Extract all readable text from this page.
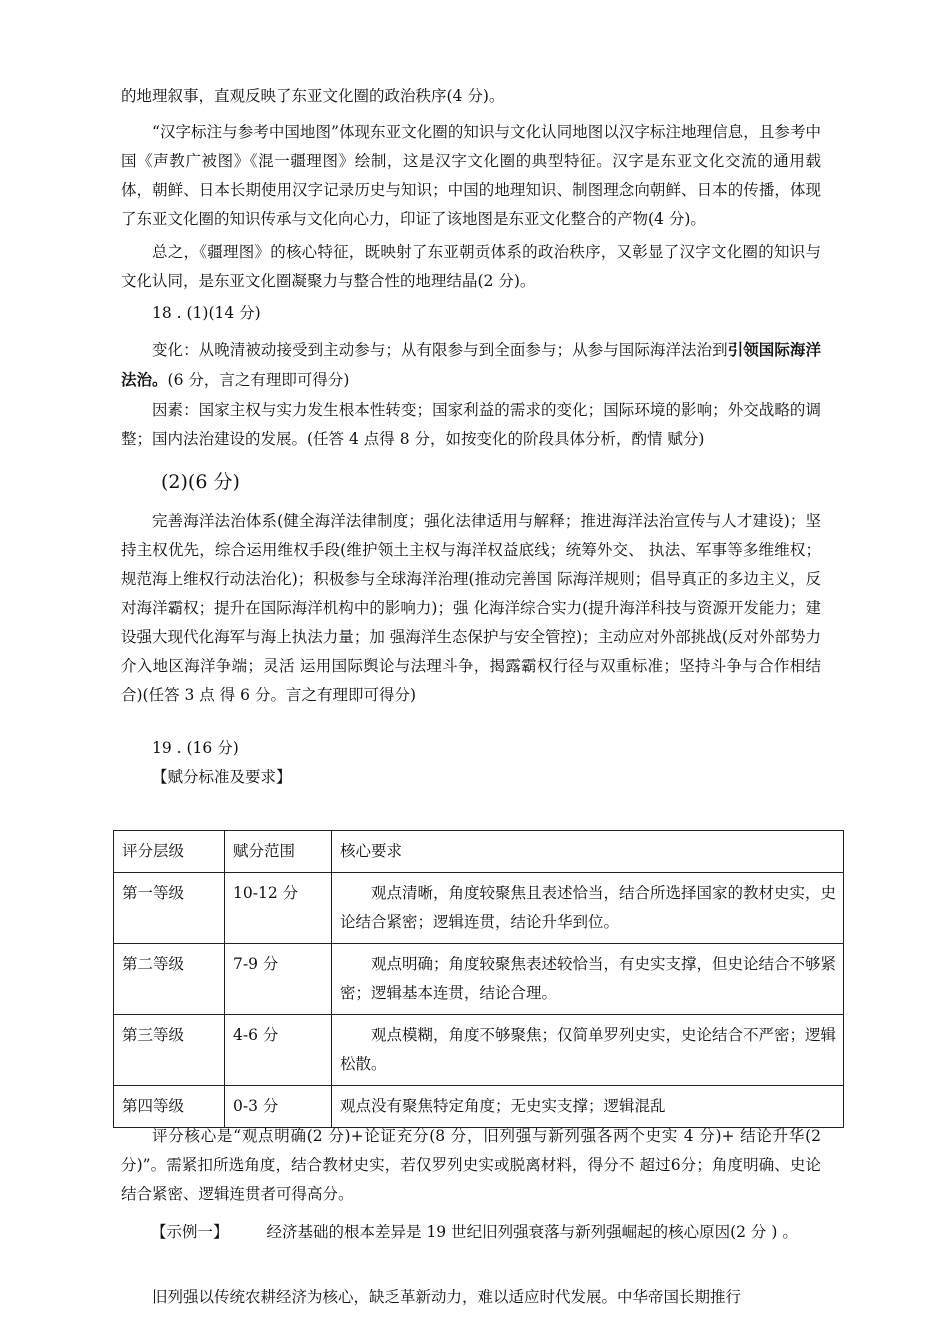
的地理叙事，直观反映了东亚文化圈的政治秩序(4 分)。
“汉字标注与参考中国地图”体现东亚文化圈的知识与文化认同地图以汉字标注地理信息，且参考中国《声教广被图》《混一疆理图》绘制，这是汉字文化圈的典型特征。汉字是东亚文化交流的通用载体，朝鲜、日本长期使用汉字记录历史与知识；中国的地理知识、制图理念向朝鲜、日本的传播，体现了东亚文化圈的知识传承与文化向心力，印证了该地图是东亚文化整合的产物(4 分)。
总之，《疆理图》的核心特征，既映射了东亚朝贡体系的政治秩序，又彰显了汉字文化圈的知识与文化认同，是东亚文化圈凝聚力与整合性的地理结晶(2 分)。
18 . (1)(14 分)
变化：从晚清被动接受到主动参与；从有限参与到全面参与；从参与国际海洋法治到引领国际海洋法治。(6 分，言之有理即可得分)
因素：国家主权与实力发生根本性转变；国家利益的需求的变化；国际环境的影响；外交战略的调整；国内法治建设的发展。(任答 4 点得 8 分，如按变化的阶段具体分析，酌情 赋分)
(2)(6 分)
完善海洋法治体系(健全海洋法律制度；强化法律适用与解释；推进海洋法治宣传与人才建设)；坚持主权优先，综合运用维权手段(维护领土主权与海洋权益底线；统筹外交、 执法、军事等多维维权；规范海上维权行动法治化)；积极参与全球海洋治理(推动完善国 际海洋规则；倡导真正的多边主义，反对海洋霸权；提升在国际海洋机构中的影响力)；强 化海洋综合实力(提升海洋科技与资源开发能力；建设强大现代化海军与海上执法力量；加 强海洋生态保护与安全管控)；主动应对外部挑战(反对外部势力介入地区海洋争端；灵活 运用国际舆论与法理斗争，揭露霸权行径与双重标准；坚持斗争与合作相结合)(任答 3 点 得 6 分。言之有理即可得分)
19 . (16 分)
【赋分标准及要求】
评分层级	赋分范围	核心要求
第一等级	10-12 分	观点清晰，角度较聚焦且表述恰当，结合所选择国家的教材史实，史论结合紧密；逻辑连贯，结论升华到位。

第二等级	7-9 分	观点明确；角度较聚焦表述较恰当，有史实支撑，但史论结合不够紧密；逻辑基本连贯，结论合理。

第三等级	4-6 分	观点模糊，角度不够聚焦；仅简单罗列史实，史论结合不严密；逻辑松散。

第四等级	0-3 分	观点没有聚焦特定角度；无史实支撑；逻辑混乱
评分核心是“观点明确(2 分)+论证充分(8 分，旧列强与新列强各两个史实 4 分)+ 结论升华(2分)”。需紧扣所选角度，结合教材史实，若仅罗列史实或脱离材料，得分不 超过6分；角度明确、史论结合紧密、逻辑连贯者可得高分。
【示例一】 经济基础的根本差异是 19 世纪旧列强衰落与新列强崛起的核心原因(2 分 ) 。
旧列强以传统农耕经济为核心，缺乏革新动力，难以适应时代发展。中华帝国长期推行
